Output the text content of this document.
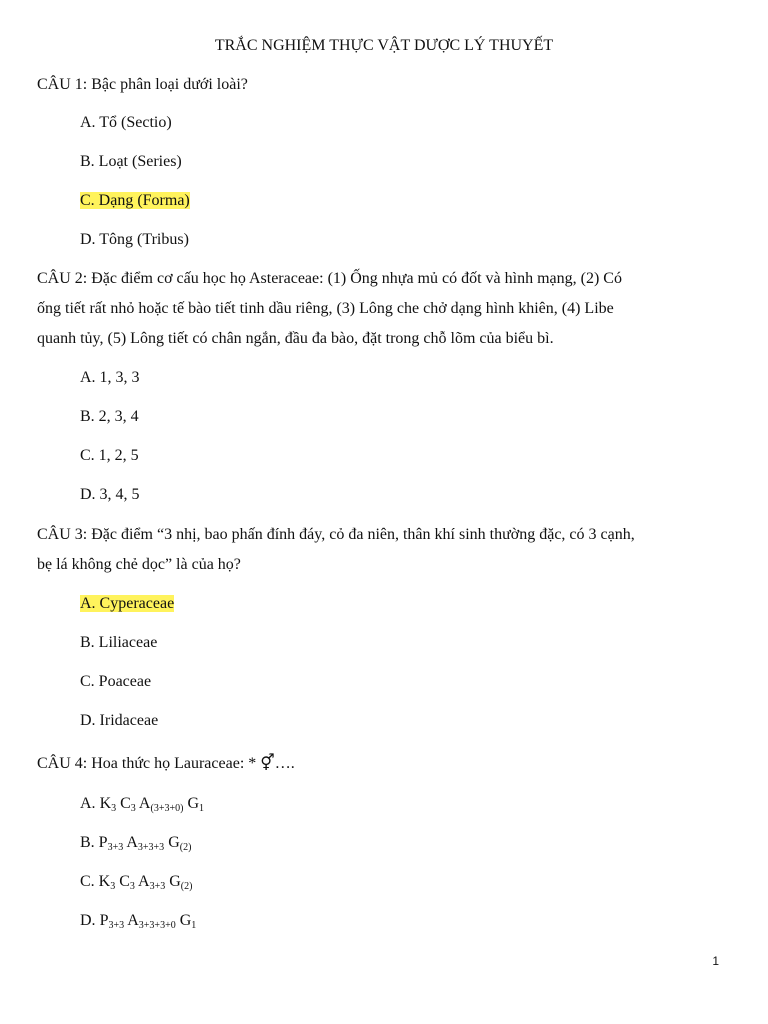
TRẮC NGHIỆM THỰC VẬT DƯỢC LÝ THUYẾT
CÂU 1: Bậc phân loại dưới loài?
A. Tổ (Sectio)
B. Loạt (Series)
C. Dạng (Forma)
D. Tông (Tribus)
CÂU 2: Đặc điểm cơ cấu học họ Asteraceae: (1) Ống nhựa mủ có đốt và hình mạng, (2) Có
ống tiết rất nhỏ hoặc tế bào tiết tinh dầu riêng, (3) Lông che chở dạng hình khiên, (4) Libe
quanh tủy, (5) Lông tiết có chân ngắn, đầu đa bào, đặt trong chỗ lõm của biểu bì.
A. 1, 3, 3
B. 2, 3, 4
C. 1, 2, 5
D. 3, 4, 5
CÂU 3: Đặc điểm “3 nhị, bao phấn đính đáy, cỏ đa niên, thân khí sinh thường đặc, có 3 cạnh,
bẹ lá không chẻ dọc” là của họ?
A. Cyperaceae
B. Liliaceae
C. Poaceae
D. Iridaceae
CÂU 4: Hoa thức họ Lauraceae: * ⚥….
A. $K_3$ $C_3$ $A_{(3+3+0)}$ $G_1$
B. $P_{3+3}$ $A_{3+3+3}$ $G_{(2)}$
C. $K_3$ $C_3$ $A_{3+3}$ $G_{(2)}$
D. $P_{3+3}$ $A_{3+3+3+0}$ $G_1$
1
